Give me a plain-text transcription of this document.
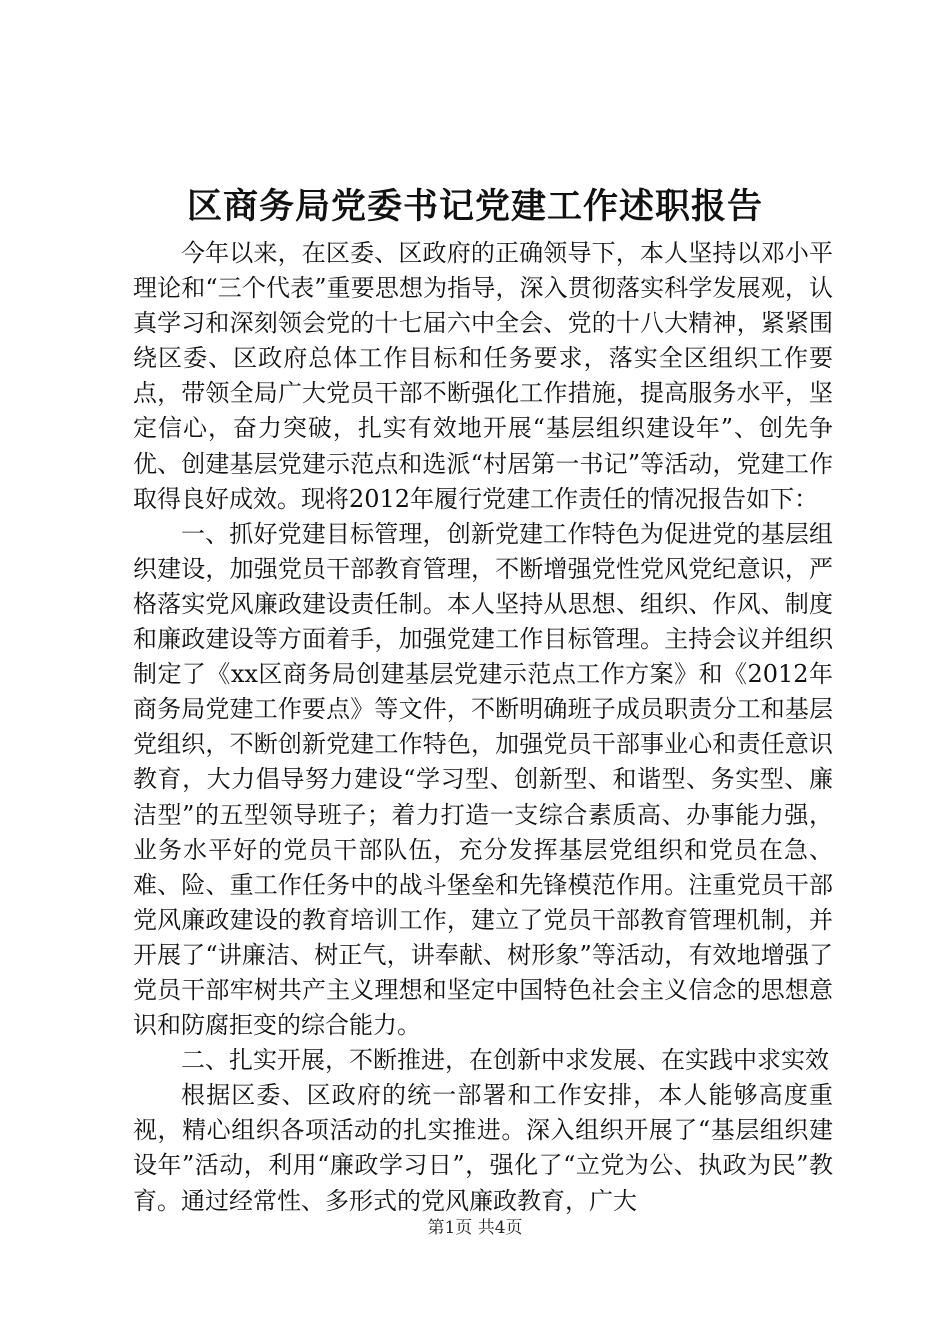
区商务局党委书记党建工作述职报告

今年以来，在区委、区政府的正确领导下，本人坚持以邓小平理论和“三个代表”重要思想为指导，深入贯彻落实科学发展观，认真学习和深刻领会党的十七届六中全会、党的十八大精神，紧紧围绕区委、区政府总体工作目标和任务要求，落实全区组织工作要点，带领全局广大党员干部不断强化工作措施，提高服务水平，坚定信心，奋力突破，扎实有效地开展“基层组织建设年”、创先争优、创建基层党建示范点和选派“村居第一书记”等活动，党建工作取得良好成效。现将2012年履行党建工作责任的情况报告如下：

一、抓好党建目标管理，创新党建工作特色为促进党的基层组织建设，加强党员干部教育管理，不断增强党性党风党纪意识，严格落实党风廉政建设责任制。本人坚持从思想、组织、作风、制度和廉政建设等方面着手，加强党建工作目标管理。主持会议并组织制定了《xx区商务局创建基层党建示范点工作方案》和《2012年商务局党建工作要点》等文件，不断明确班子成员职责分工和基层党组织，不断创新党建工作特色，加强党员干部事业心和责任意识教育，大力倡导努力建设“学习型、创新型、和谐型、务实型、廉洁型”的五型领导班子；着力打造一支综合素质高、办事能力强，业务水平好的党员干部队伍，充分发挥基层党组织和党员在急、难、险、重工作任务中的战斗堡垒和先锋模范作用。注重党员干部党风廉政建设的教育培训工作，建立了党员干部教育管理机制，并开展了“讲廉洁、树正气，讲奉献、树形象”等活动，有效地增强了党员干部牢树共产主义理想和坚定中国特色社会主义信念的思想意识和防腐拒变的综合能力。

二、扎实开展，不断推进，在创新中求发展、在实践中求实效

根据区委、区政府的统一部署和工作安排，本人能够高度重视，精心组织各项活动的扎实推进。深入组织开展了“基层组织建设年”活动，利用“廉政学习日”，强化了“立党为公、执政为民”教育。通过经常性、多形式的党风廉政教育，广大

第1页 共4页
